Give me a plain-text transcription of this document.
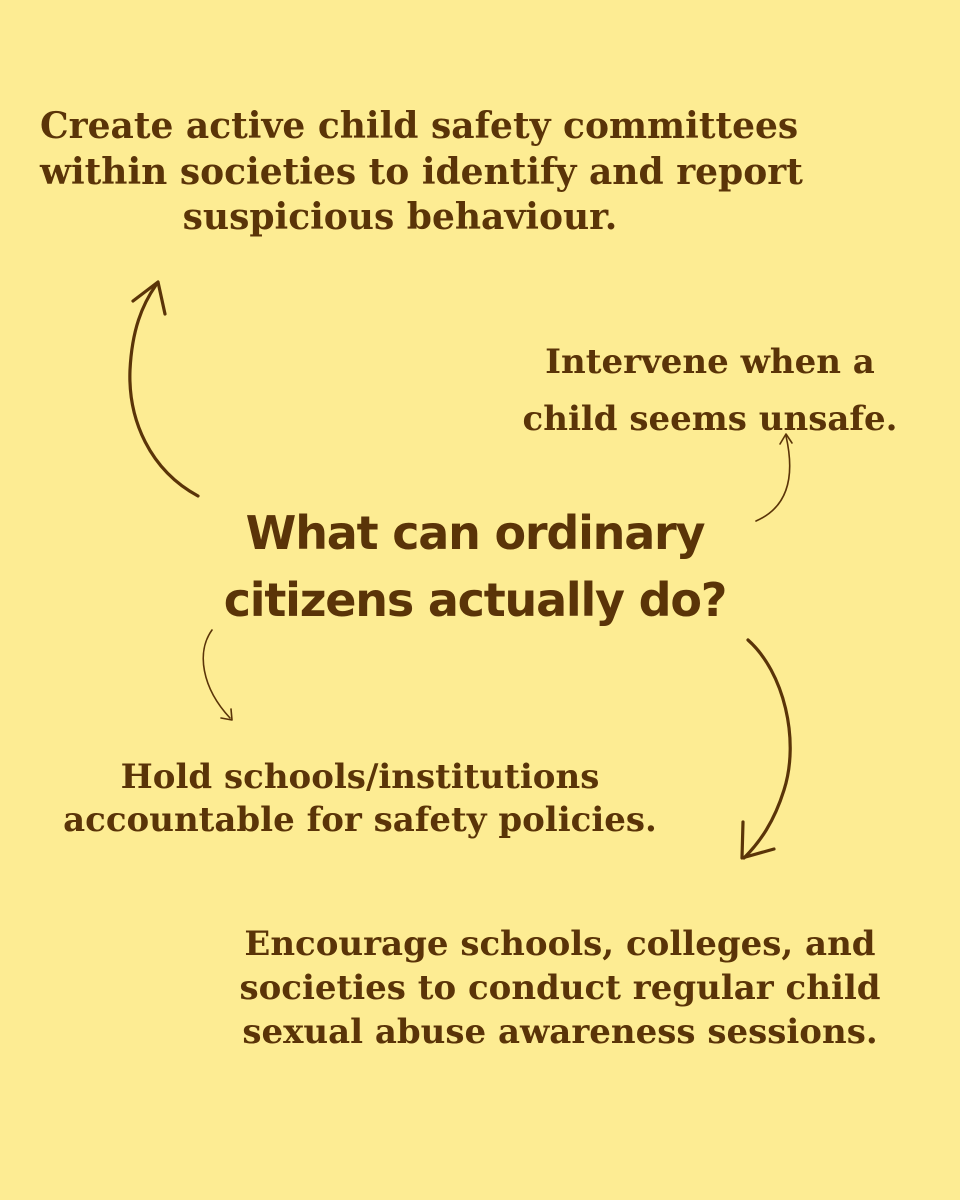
Create active child safety committees
within societies to identify and report
suspicious behaviour.

Intervene when a
child seems unsafe.

What can ordinary
citizens actually do?

Hold schools/institutions
accountable for safety policies.

Encourage schools, colleges, and
societies to conduct regular child
sexual abuse awareness sessions.
